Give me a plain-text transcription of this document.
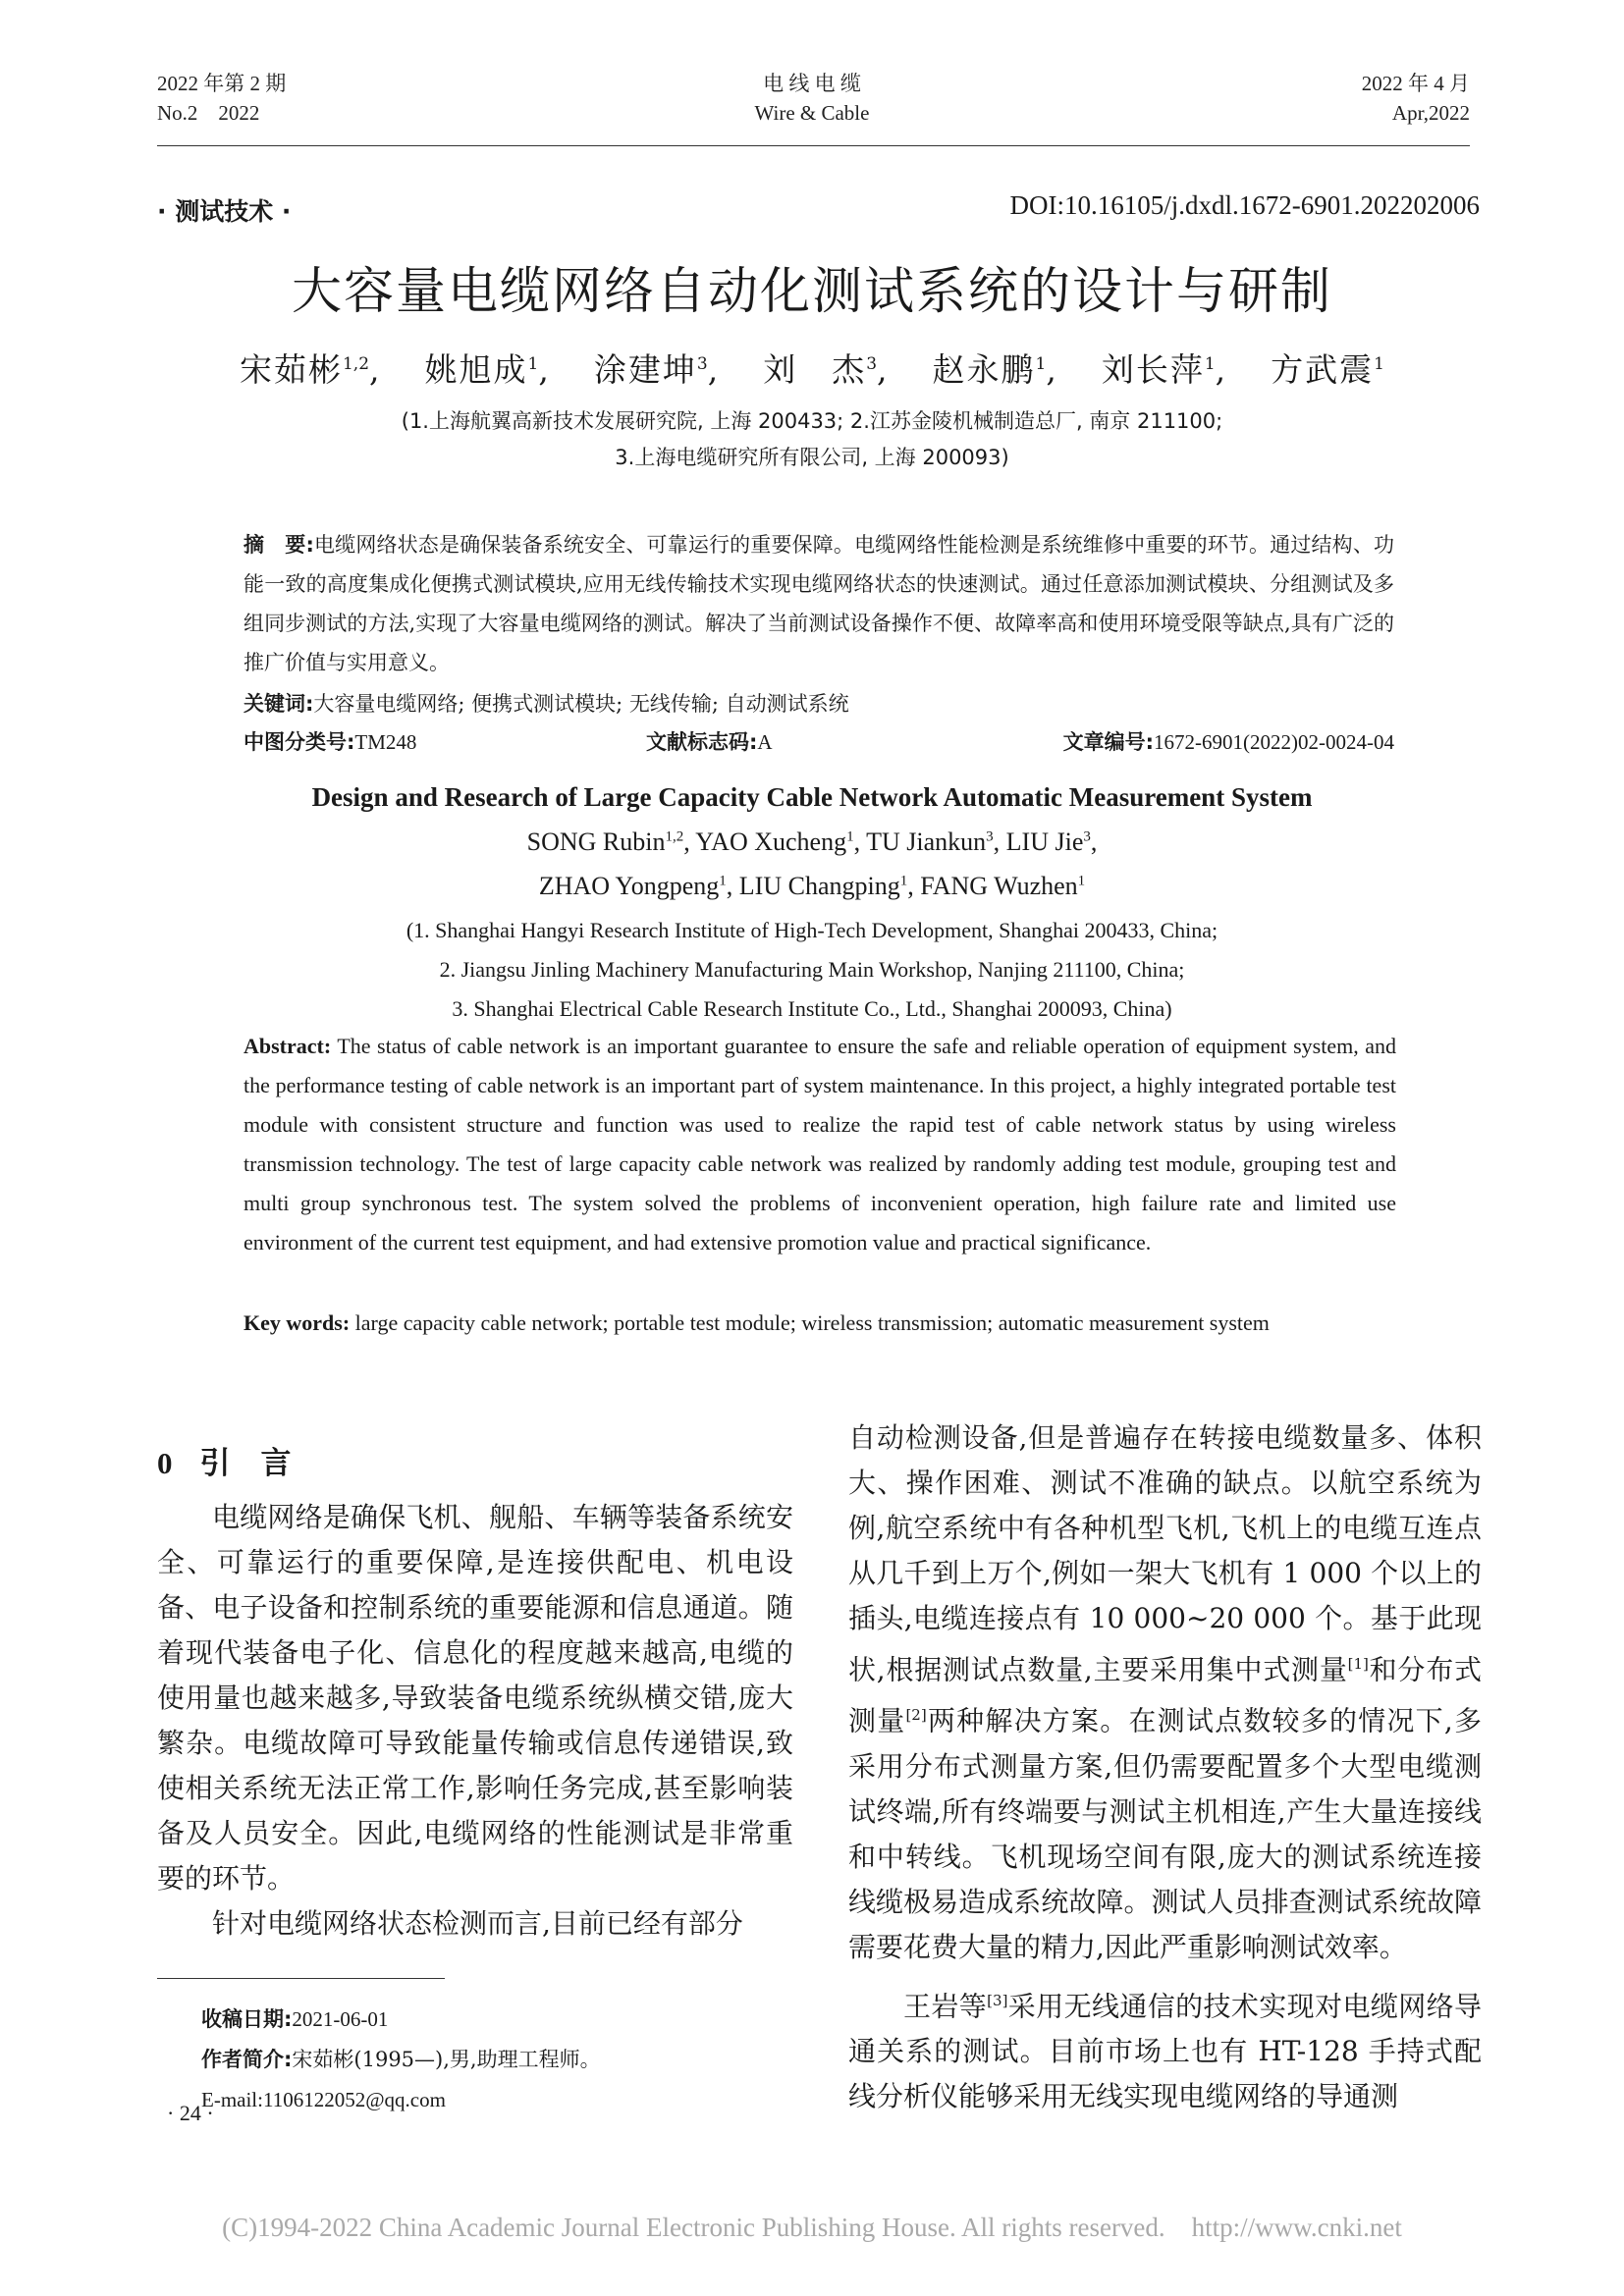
2022 年第 2 期
No.2    2022
电 线 电 缆
Wire & Cable
2022 年 4 月
Apr,2022
· 测试技术 ·	DOI:10.16105/j.dxdl.1672-6901.202202006
大容量电缆网络自动化测试系统的设计与研制
宋茹彬$^{1,2}$, 姚旭成$^1$, 涂建坤$^3$, 刘　杰$^3$, 赵永鹏$^1$, 刘长萍$^1$, 方武震$^1$
(1.上海航翼高新技术发展研究院, 上海 200433; 2.江苏金陵机械制造总厂, 南京 211100;
3.上海电缆研究所有限公司, 上海 200093)
摘　要:电缆网络状态是确保装备系统安全、可靠运行的重要保障。电缆网络性能检测是系统维修中重要的环节。通过结构、功能一致的高度集成化便携式测试模块,应用无线传输技术实现电缆网络状态的快速测试。通过任意添加测试模块、分组测试及多组同步测试的方法,实现了大容量电缆网络的测试。解决了当前测试设备操作不便、故障率高和使用环境受限等缺点,具有广泛的推广价值与实用意义。
关键词:大容量电缆网络; 便携式测试模块; 无线传输; 自动测试系统
中图分类号:TM248	文献标志码:A	文章编号:1672-6901(2022)02-0024-04
Design and Research of Large Capacity Cable Network Automatic Measurement System
SONG Rubin$^{1,2}$, YAO Xucheng$^1$, TU Jiankun$^3$, LIU Jie$^3$,
ZHAO Yongpeng$^1$, LIU Changping$^1$, FANG Wuzhen$^1$
(1. Shanghai Hangyi Research Institute of High-Tech Development, Shanghai 200433, China;
2. Jiangsu Jinling Machinery Manufacturing Main Workshop, Nanjing 211100, China;
3. Shanghai Electrical Cable Research Institute Co., Ltd., Shanghai 200093, China)
Abstract: The status of cable network is an important guarantee to ensure the safe and reliable operation of equipment system, and the performance testing of cable network is an important part of system maintenance. In this project, a highly integrated portable test module with consistent structure and function was used to realize the rapid test of cable network status by using wireless transmission technology. The test of large capacity cable network was realized by randomly adding test module, grouping test and multi group synchronous test. The system solved the problems of inconvenient operation, high failure rate and limited use environment of the current test equipment, and had extensive promotion value and practical significance.
Key words: large capacity cable network; portable test module; wireless transmission; automatic measurement system
0 引　言

电缆网络是确保飞机、舰船、车辆等装备系统安全、可靠运行的重要保障,是连接供配电、机电设备、电子设备和控制系统的重要能源和信息通道。随着现代装备电子化、信息化的程度越来越高,电缆的使用量也越来越多,导致装备电缆系统纵横交错,庞大繁杂。电缆故障可导致能量传输或信息传递错误,致使相关系统无法正常工作,影响任务完成,甚至影响装备及人员安全。因此,电缆网络的性能测试是非常重要的环节。

针对电缆网络状态检测而言,目前已经有部分

自动检测设备,但是普遍存在转接电缆数量多、体积大、操作困难、测试不准确的缺点。以航空系统为例,航空系统中有各种机型飞机,飞机上的电缆互连点从几千到上万个,例如一架大飞机有 1 000 个以上的插头,电缆连接点有 10 000~20 000 个。基于此现状,根据测试点数量,主要采用集中式测量[1]和分布式测量[2]两种解决方案。在测试点数较多的情况下,多采用分布式测量方案,但仍需要配置多个大型电缆测试终端,所有终端要与测试主机相连,产生大量连接线和中转线。飞机现场空间有限,庞大的测试系统连接线缆极易造成系统故障。测试人员排查测试系统故障需要花费大量的精力,因此严重影响测试效率。

王岩等[3]采用无线通信的技术实现对电缆网络导通关系的测试。目前市场上也有 HT-128 手持式配线分析仪能够采用无线实现电缆网络的导通测

收稿日期:2021-06-01
作者简介:宋茹彬(1995—),男,助理工程师。
E-mail:1106122052@qq.com
· 24 ·
(C)1994-2022 China Academic Journal Electronic Publishing House. All rights reserved.    http://www.cnki.net
